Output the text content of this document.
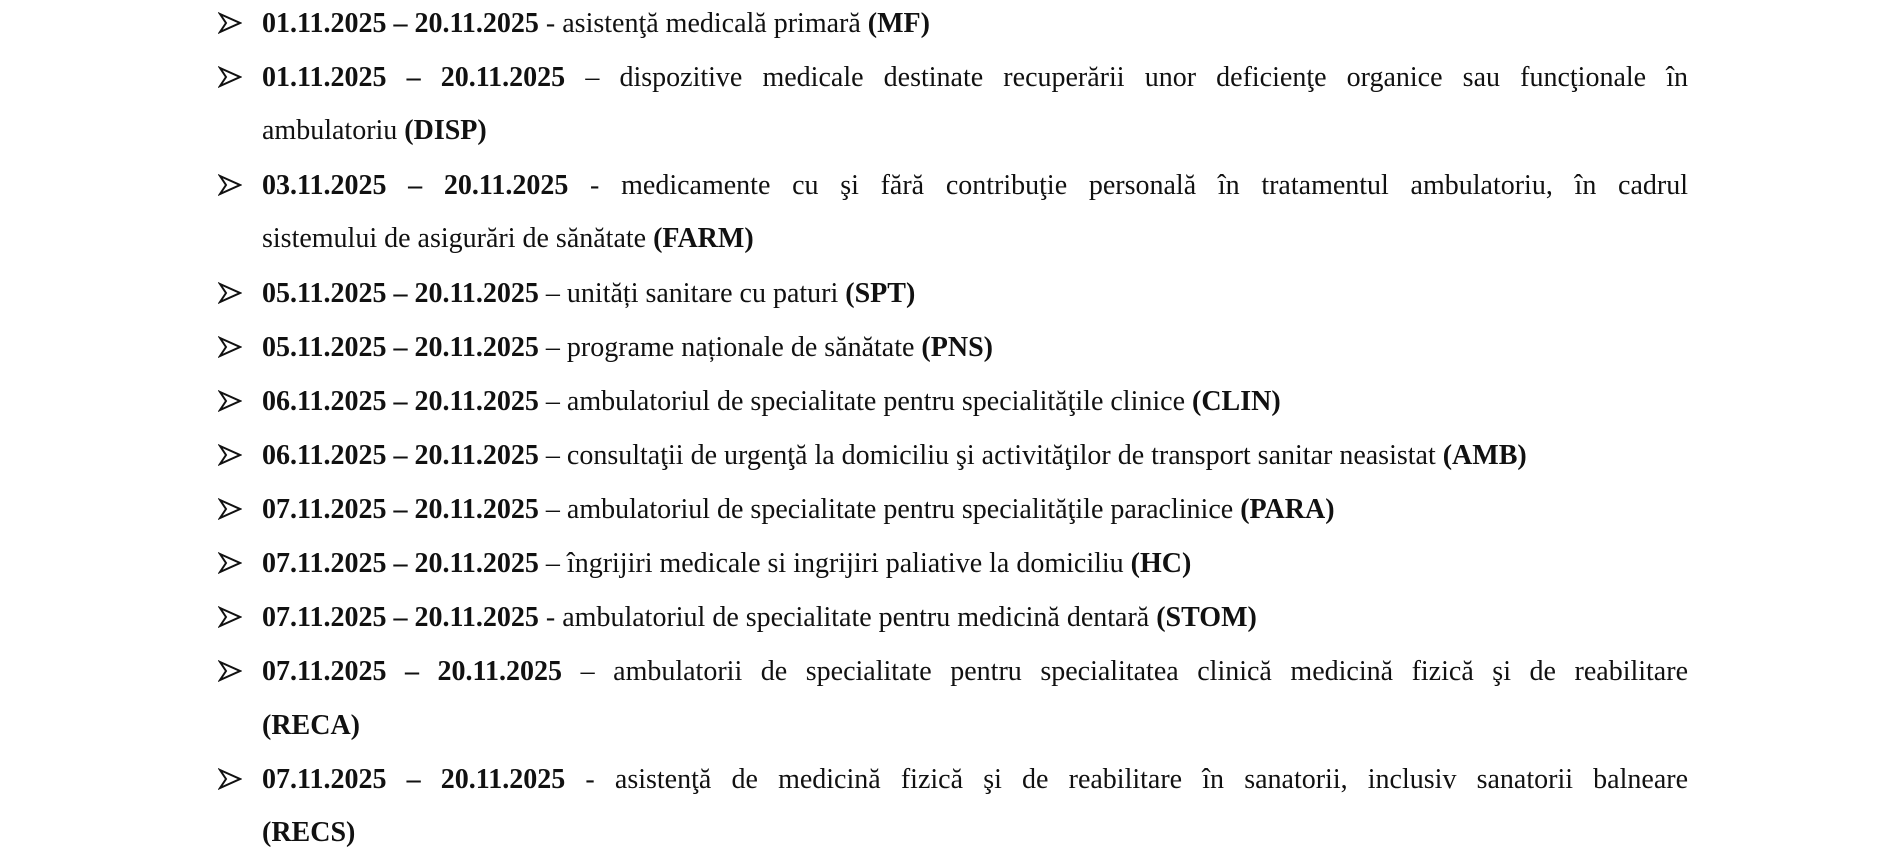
01.11.2025 – 20.11.2025 - asistenţă medicală primară (MF)
01.11.2025 – 20.11.2025 – dispozitive medicale destinate recuperării unor deficienţe organice sau funcţionale în
ambulatoriu (DISP)
03.11.2025 – 20.11.2025 - medicamente cu şi fără contribuţie personală în tratamentul ambulatoriu, în cadrul
sistemului de asigurări de sănătate (FARM)
05.11.2025 – 20.11.2025 – unități sanitare cu paturi (SPT)
05.11.2025 – 20.11.2025 – programe naționale de sănătate (PNS)
06.11.2025 – 20.11.2025 – ambulatoriul de specialitate pentru specialităţile clinice (CLIN)
06.11.2025 – 20.11.2025 – consultaţii de urgenţă la domiciliu şi activităţilor de transport sanitar neasistat (AMB)
07.11.2025 – 20.11.2025 – ambulatoriul de specialitate pentru specialităţile paraclinice (PARA)
07.11.2025 – 20.11.2025 – îngrijiri medicale si ingrijiri paliative la domiciliu (HC)
07.11.2025 – 20.11.2025 - ambulatoriul de specialitate pentru medicină dentară (STOM)
07.11.2025 – 20.11.2025 – ambulatorii de specialitate pentru specialitatea clinică medicină fizică şi de reabilitare
(RECA)
07.11.2025 – 20.11.2025 - asistenţă de medicină fizică şi de reabilitare în sanatorii, inclusiv sanatorii balneare
(RECS)
